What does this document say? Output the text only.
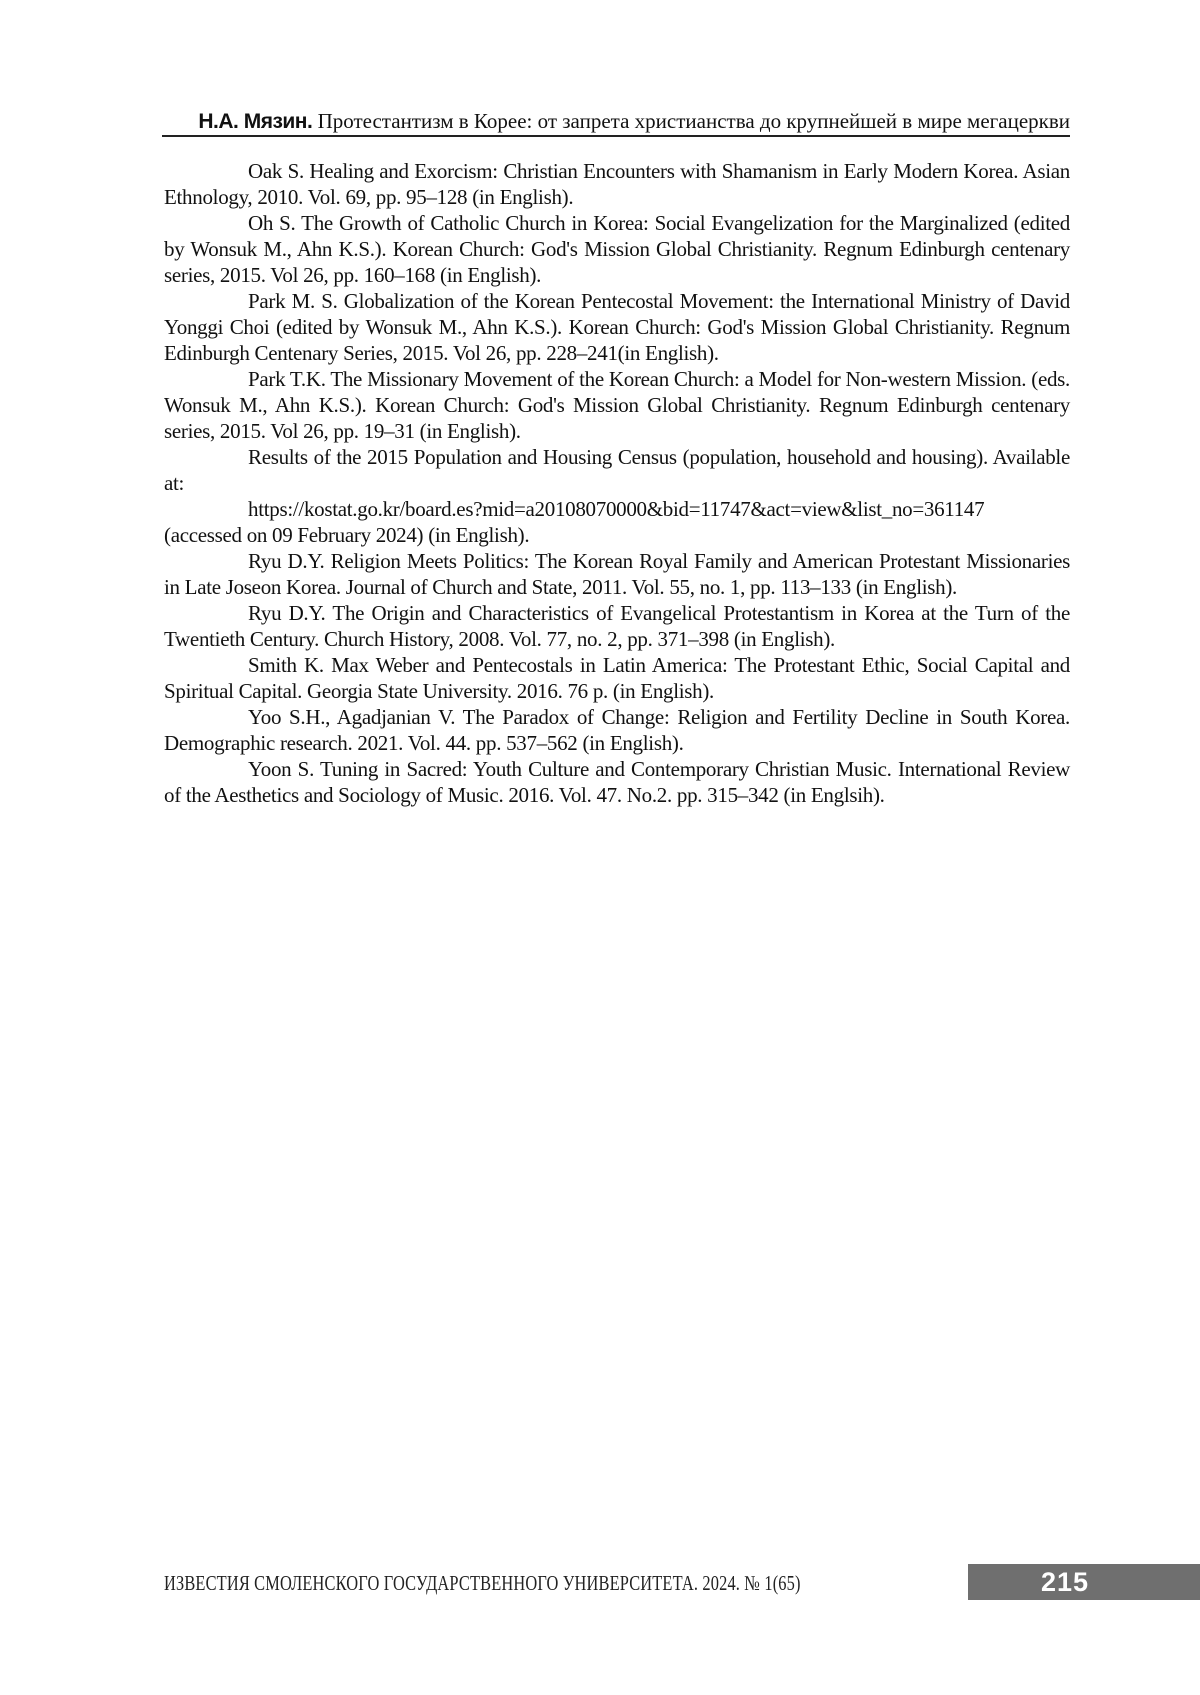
Н.А. Мязин. Протестантизм в Корее: от запрета христианства до крупнейшей в мире мегацеркви
Oak S. Healing and Exorcism: Christian Encounters with Shamanism in Early Modern Korea. Asian Ethnology, 2010. Vol. 69, pp. 95–128 (in English).
Oh S. The Growth of Catholic Church in Korea: Social Evangelization for the Marginalized (edited by Wonsuk M., Ahn K.S.). Korean Church: God's Mission Global Christianity. Regnum Edinburgh centenary series, 2015. Vol 26, pp. 160–168 (in English).
Park M. S. Globalization of the Korean Pentecostal Movement: the International Ministry of David Yonggi Choi (edited by Wonsuk M., Ahn K.S.). Korean Church: God's Mission Global Christianity. Regnum Edinburgh Centenary Series, 2015. Vol 26, pp. 228–241(in English).
Park T.K. The Missionary Movement of the Korean Church: a Model for Non-western Mission. (eds. Wonsuk M., Ahn K.S.). Korean Church: God's Mission Global Christianity. Regnum Edinburgh centenary series, 2015. Vol 26, pp. 19–31 (in English).
Results of the 2015 Population and Housing Census (population, household and housing). Available at:
https://kostat.go.kr/board.es?mid=a20108070000&bid=11747&act=view&list_no=361147
(accessed on 09 February 2024) (in English).
Ryu D.Y. Religion Meets Politics: The Korean Royal Family and American Protestant Missionaries in Late Joseon Korea. Journal of Church and State, 2011. Vol. 55, no. 1, pp. 113–133 (in English).
Ryu D.Y. The Origin and Characteristics of Evangelical Protestantism in Korea at the Turn of the Twentieth Century. Church History, 2008. Vol. 77, no. 2, pp. 371–398 (in English).
Smith K. Max Weber and Pentecostals in Latin America: The Protestant Ethic, Social Capital and Spiritual Capital. Georgia State University. 2016. 76 p. (in English).
Yoo S.H., Agadjanian V. The Paradox of Change: Religion and Fertility Decline in South Korea. Demographic research. 2021. Vol. 44. pp. 537–562 (in English).
Yoon S. Tuning in Sacred: Youth Culture and Contemporary Christian Music. International Review of the Aesthetics and Sociology of Music. 2016. Vol. 47. No.2. pp. 315–342 (in Englsih).
ИЗВЕСТИЯ СМОЛЕНСКОГО ГОСУДАРСТВЕННОГО УНИВЕРСИТЕТА. 2024. № 1(65)	215
